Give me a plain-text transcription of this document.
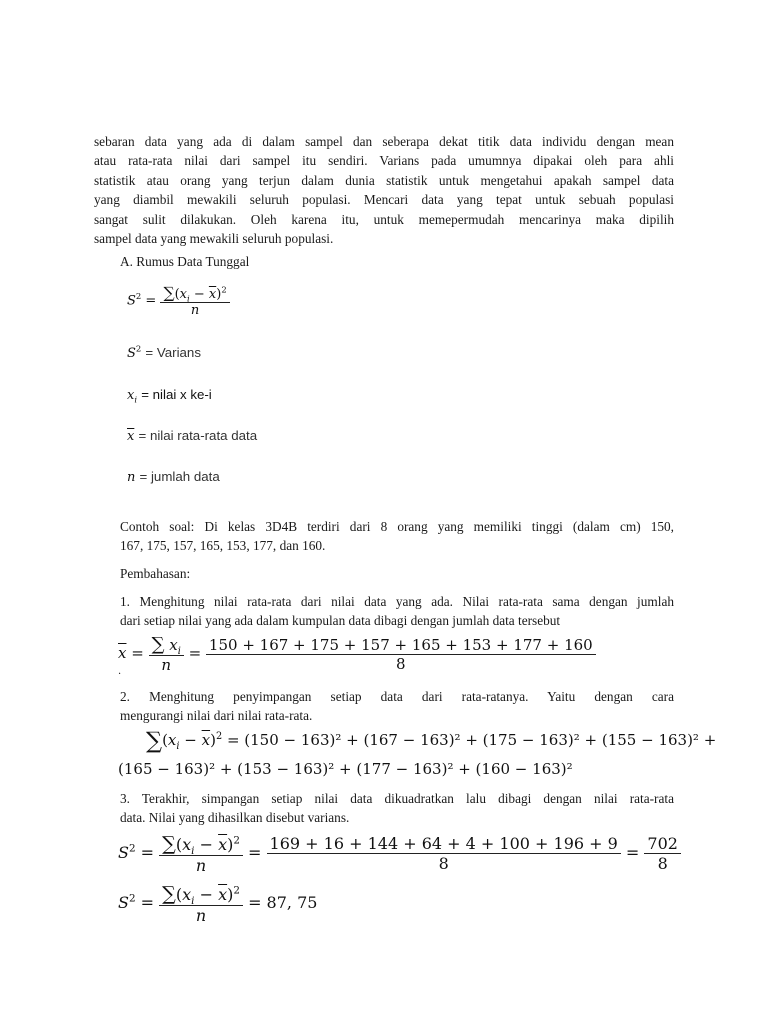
sebaran data yang ada di dalam sampel dan seberapa dekat titik data individu dengan mean
atau rata-rata nilai dari sampel itu sendiri. Varians pada umumnya dipakai oleh para ahli
statistik atau orang yang terjun dalam dunia statistik untuk mengetahui apakah sampel data
yang diambil mewakili seluruh populasi. Mencari data yang tepat untuk sebuah populasi
sangat sulit dilakukan. Oleh karena itu, untuk memepermudah mencarinya maka dipilih
sampel data yang mewakili seluruh populasi.
A. Rumus Data Tunggal
$S^2 = \frac{\sum(x_i - \overline{x})^2}{n}$
$S^2$ = Varians
$x_i$ = nilai x ke-i
$\overline{x}$ = nilai rata-rata data
n = jumlah data
Contoh soal: Di kelas 3D4B terdiri dari 8 orang yang memiliki tinggi (dalam cm) 150,
167, 175, 157, 165, 153, 177, dan 160.
Pembahasan:
1. Menghitung nilai rata-rata dari nilai data yang ada. Nilai rata-rata sama dengan jumlah
dari setiap nilai yang ada dalam kumpulan data dibagi dengan jumlah data tersebut
$\overline{x} = \frac{\sum x_i}{n} = \frac{150 + 167 + 175 + 157 + 165 + 153 + 177 + 160}{8}$
.
2. Menghitung penyimpangan setiap data dari rata-ratanya. Yaitu dengan cara
mengurangi nilai dari nilai rata-rata.
$\sum(x_i - \overline{x})^2 = (150 - 163)^2 + (167 - 163)^2 + (175 - 163)^2 + (155 - 163)^2$ +
(165 − 163)² + (153 − 163)² + (177 − 163)² + (160 − 163)²
3. Terakhir, simpangan setiap nilai data dikuadratkan lalu dibagi dengan nilai rata-rata
data. Nilai yang dihasilkan disebut varians.
$S^2 = \frac{\sum(x_i - \overline{x})^2}{n} = \frac{169 + 16 + 144 + 64 + 4 + 100 + 196 + 9}{8} = \frac{702}{8}$
$S^2 = \frac{\sum(x_i - \overline{x})^2}{n} = 87$, 75
